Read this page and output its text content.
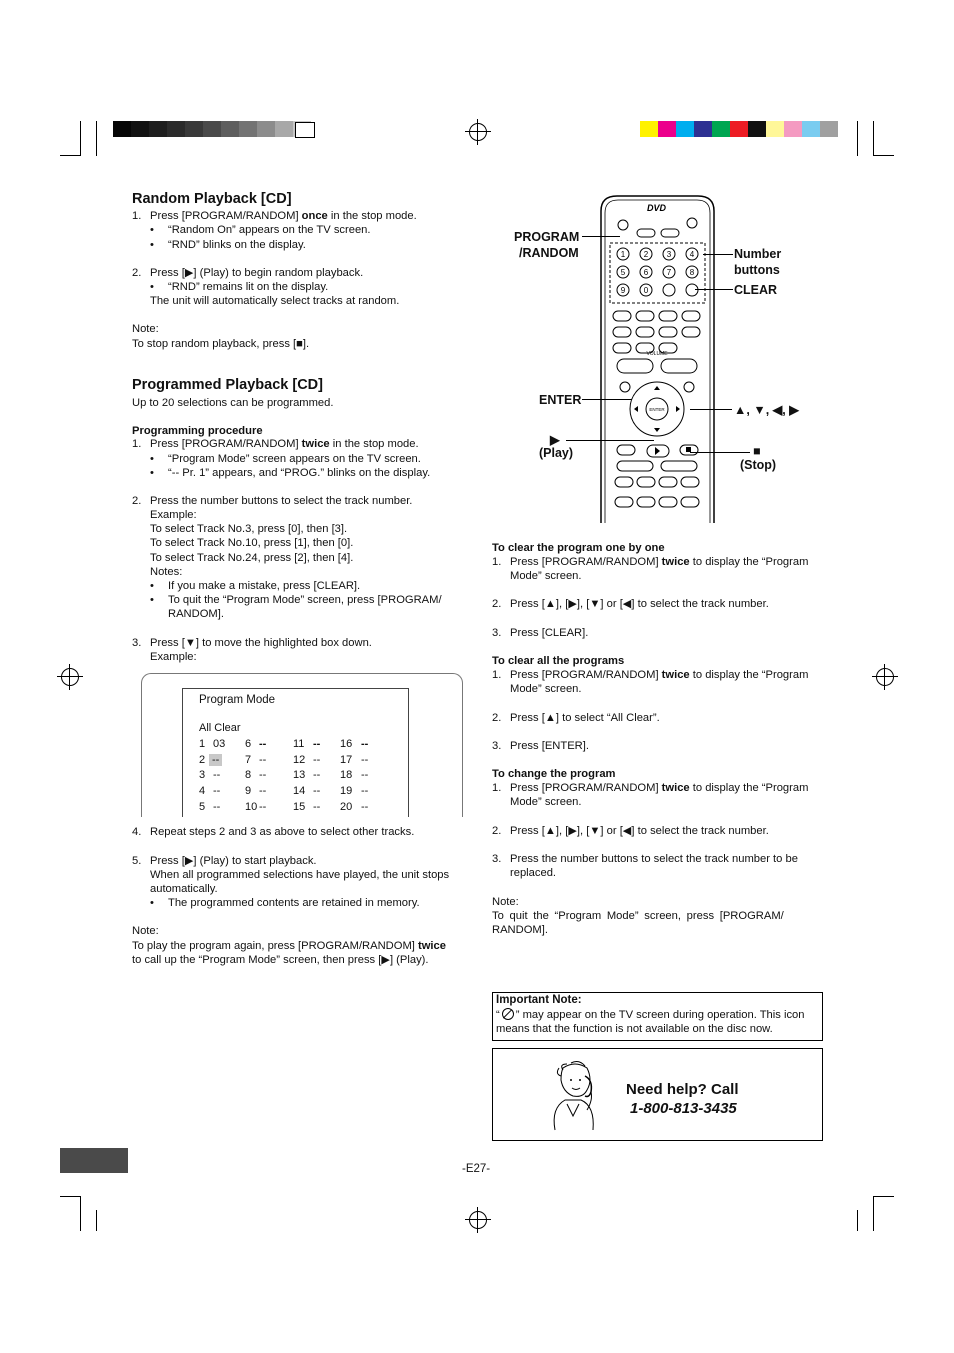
Random Playback [CD]
1. Press [PROGRAM/RANDOM] once in the stop mode.
• “Random On” appears on the TV screen.
• “RND” blinks on the display.
2. Press [▶] (Play) to begin random playback.
• “RND” remains lit on the display.
The unit will automatically select tracks at random.
Note:
To stop random playback, press [■].
Programmed Playback [CD]
Up to 20 selections can be programmed.
Programming procedure
1. Press [PROGRAM/RANDOM] twice in the stop mode.
• “Program Mode” screen appears on the TV screen.
• “-- Pr. 1” appears, and “PROG.” blinks on the display.
2. Press the number buttons to select the track number.
Example:
To select Track No.3, press [0], then [3].
To select Track No.10, press [1], then [0].
To select Track No.24, press [2], then [4].
Notes:
• If you make a mistake, press [CLEAR].
• To quit the “Program Mode” screen, press [PROGRAM/
RANDOM].
3. Press [▼] to move the highlighted box down.
Example:
Program Mode
All Clear
1 03 6 -- 11 -- 16 --
2 -- 7 -- 12 -- 17 --
3 -- 8 -- 13 -- 18 --
4 -- 9 -- 14 -- 19 --
5 -- 10 -- 15 -- 20 --
4. Repeat steps 2 and 3 as above to select other tracks.
5. Press [▶] (Play) to start playback.
When all programmed selections have played, the unit stops
automatically.
• The programmed contents are retained in memory.
Note:
To play the program again, press [PROGRAM/RANDOM] twice
to call up the “Program Mode” screen, then press [▶] (Play).
DVD
1 2 3 4
5 6 7 8
9 0
VOLUME
ENTER
PROGRAM
/RANDOM	Number
buttons
CLEAR
ENTER
▲, ▼, ◀, ▶
▶
(Play)	■
(Stop)
To clear the program one by one
1. Press [PROGRAM/RANDOM] twice to display the “Program
Mode” screen.
2. Press [▲], [▶], [▼] or [◀] to select the track number.
3. Press [CLEAR].
To clear all the programs
1. Press [PROGRAM/RANDOM] twice to display the “Program
Mode” screen.
2. Press [▲] to select “All Clear”.
3. Press [ENTER].
To change the program
1. Press [PROGRAM/RANDOM] twice to display the “Program
Mode” screen.
2. Press [▲], [▶], [▼] or [◀] to select the track number.
3. Press the number buttons to select the track number to be
replaced.
Note:
To quit the “Program Mode” screen, press [PROGRAM/
RANDOM].
Important Note:
“ ” may appear on the TV screen during operation. This icon
means that the function is not available on the disc now.
Need help? Call
1-800-813-3435
-E27-
